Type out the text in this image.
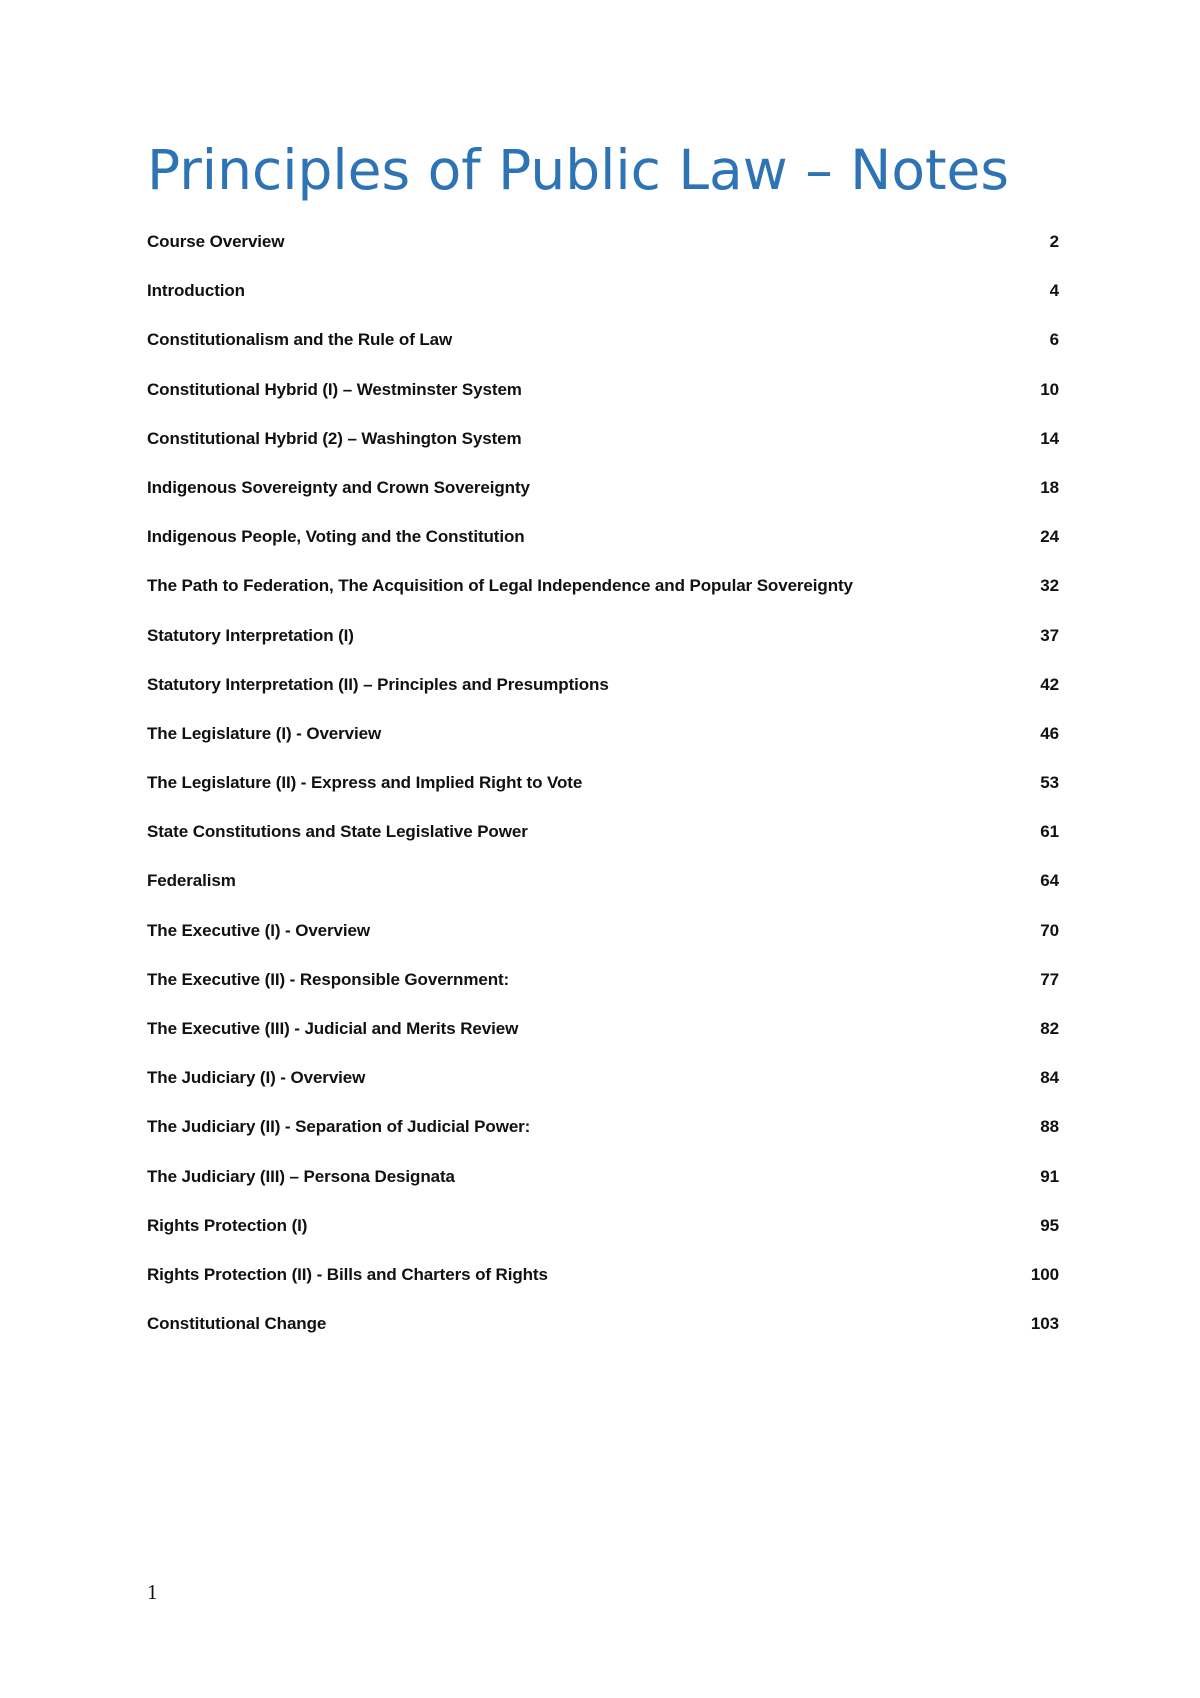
Principles of Public Law – Notes
Course Overview	2
Introduction	4
Constitutionalism and the Rule of Law	6
Constitutional Hybrid (I) – Westminster System	10
Constitutional Hybrid (2) – Washington System	14
Indigenous Sovereignty and Crown Sovereignty	18
Indigenous People, Voting and the Constitution	24
The Path to Federation, The Acquisition of Legal Independence and Popular Sovereignty	32
Statutory Interpretation (I)	37
Statutory Interpretation (II) – Principles and Presumptions	42
The Legislature (I) - Overview	46
The Legislature (II) - Express and Implied Right to Vote	53
State Constitutions and State Legislative Power	61
Federalism	64
The Executive (I) - Overview	70
The Executive (II) - Responsible Government:	77
The Executive (III) - Judicial and Merits Review	82
The Judiciary (I) - Overview	84
The Judiciary (II) - Separation of Judicial Power:	88
The Judiciary (III) – Persona Designata	91
Rights Protection (I)	95
Rights Protection (II) - Bills and Charters of Rights	100
Constitutional Change	103
1
